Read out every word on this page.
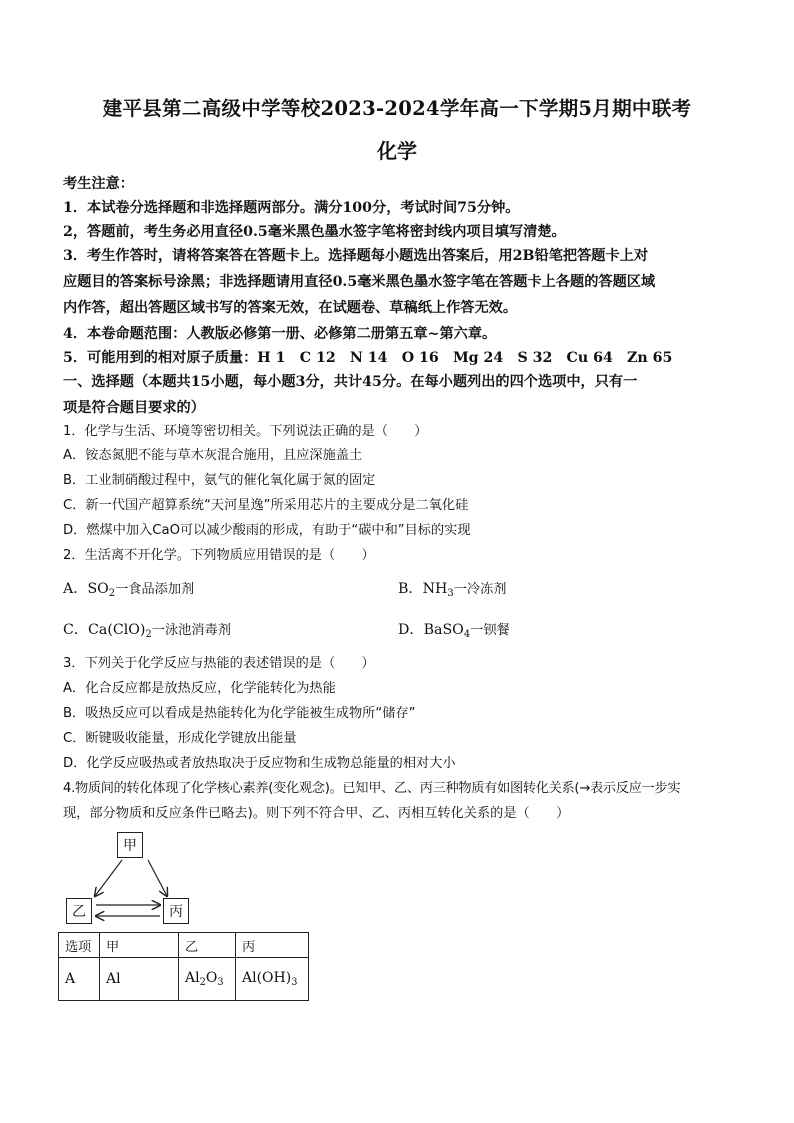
建平县第二高级中学等校2023-2024学年高一下学期5月期中联考
化学
考生注意：
1．本试卷分选择题和非选择题两部分。满分100分，考试时间75分钟。
2，答题前，考生务必用直径0.5毫米黑色墨水签字笔将密封线内项目填写清楚。
3．考生作答时，请将答案答在答题卡上。选择题每小题选出答案后，用2B铅笔把答题卡上对
应题目的答案标号涂黑；非选择题请用直径0.5毫米黑色墨水签字笔在答题卡上各题的答题区域
内作答，超出答题区域书写的答案无效，在试题卷、草稿纸上作答无效。
4．本卷命题范围：人教版必修第一册、必修第二册第五章~第六章。
5．可能用到的相对原子质量：H 1　C 12　N 14　O 16　Mg 24　S 32　Cu 64　Zn 65
一、选择题（本题共15小题，每小题3分，共计45分。在每小题列出的四个选项中，只有一
项是符合题目要求的）
1．化学与生活、环境等密切相关。下列说法正确的是（　　）
A．铵态氮肥不能与草木灰混合施用，且应深施盖土
B．工业制硝酸过程中，氨气的催化氧化属于氮的固定
C．新一代国产超算系统“天河星逸”所采用芯片的主要成分是二氧化硅
D．燃煤中加入CaO可以减少酸雨的形成，有助于“碳中和”目标的实现
2．生活离不开化学。下列物质应用错误的是（　　）
A．$SO_2$一食品添加剂	B．$NH_3$一冷冻剂
C．$Ca(ClO)_2$一泳池消毒剂	D．BaSO$_4$一钡餐
3．下列关于化学反应与热能的表述错误的是（　　）
A．化合反应都是放热反应，化学能转化为热能
B．吸热反应可以看成是热能转化为化学能被生成物所“储存”
C．断键吸收能量，形成化学键放出能量
D．化学反应吸热或者放热取决于反应物和生成物总能量的相对大小
4.物质间的转化体现了化学核心素养(变化观念)。已知甲、乙、丙三种物质有如图转化关系(→表示反应一步实
现，部分物质和反应条件已略去)。则下列不符合甲、乙、丙相互转化关系的是（　　）
甲
乙	丙
选项	甲	乙	丙
A	Al	$Al_2O_3$	$Al(OH)_3$
